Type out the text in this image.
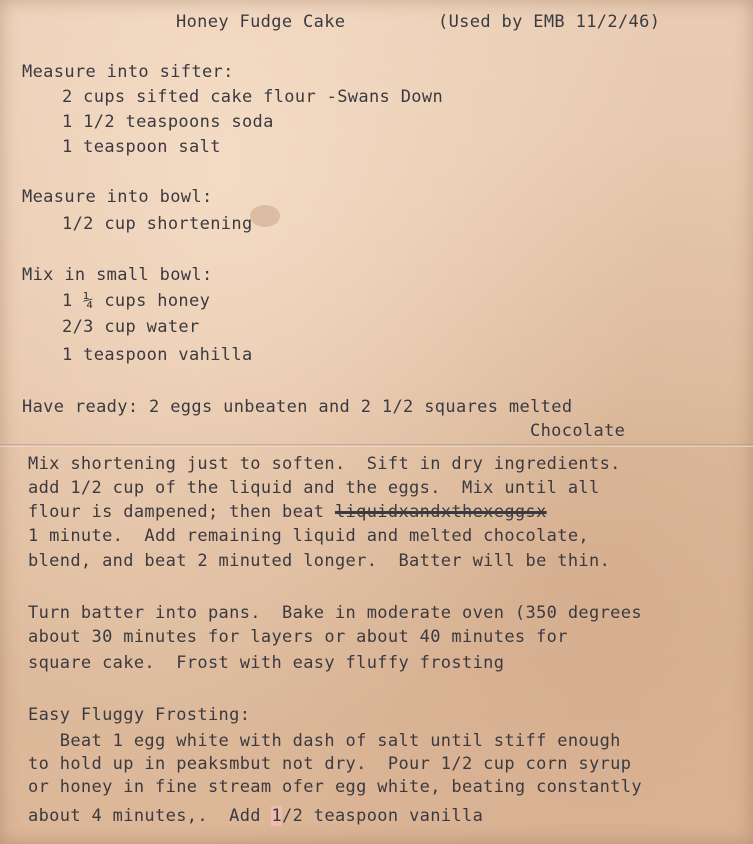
Honey Fudge Cake

	(Used by EMB 11/2/46)

Measure into sifter:
2 cups sifted cake flour -Swans Down
1 1/2 teaspoons soda
1 teaspoon salt
Measure into bowl:
1/2 cup shortening
Mix in small bowl:
1 ¼ cups honey
2/3 cup water
1 teaspoon vahilla
Have ready: 2 eggs unbeaten and 2 1/2 squares melted
Chocolate
Mix shortening just to soften.  Sift in dry ingredients.
add 1/2 cup of the liquid and the eggs.  Mix until all
flour is dampened; then beat liquidxandxthexeggsx
1 minute.  Add remaining liquid and melted chocolate,
blend, and beat 2 minuted longer.  Batter will be thin.
Turn batter into pans.  Bake in moderate oven (350 degrees
about 30 minutes for layers or about 40 minutes for
square cake.  Frost with easy fluffy frosting
Easy Fluggy Frosting:
Beat 1 egg white with dash of salt until stiff enough
to hold up in peaksmbut not dry.  Pour 1/2 cup corn syrup
or honey in fine stream ofer egg white, beating constantly
about 4 minutes,.  Add 1/2 teaspoon vanilla
